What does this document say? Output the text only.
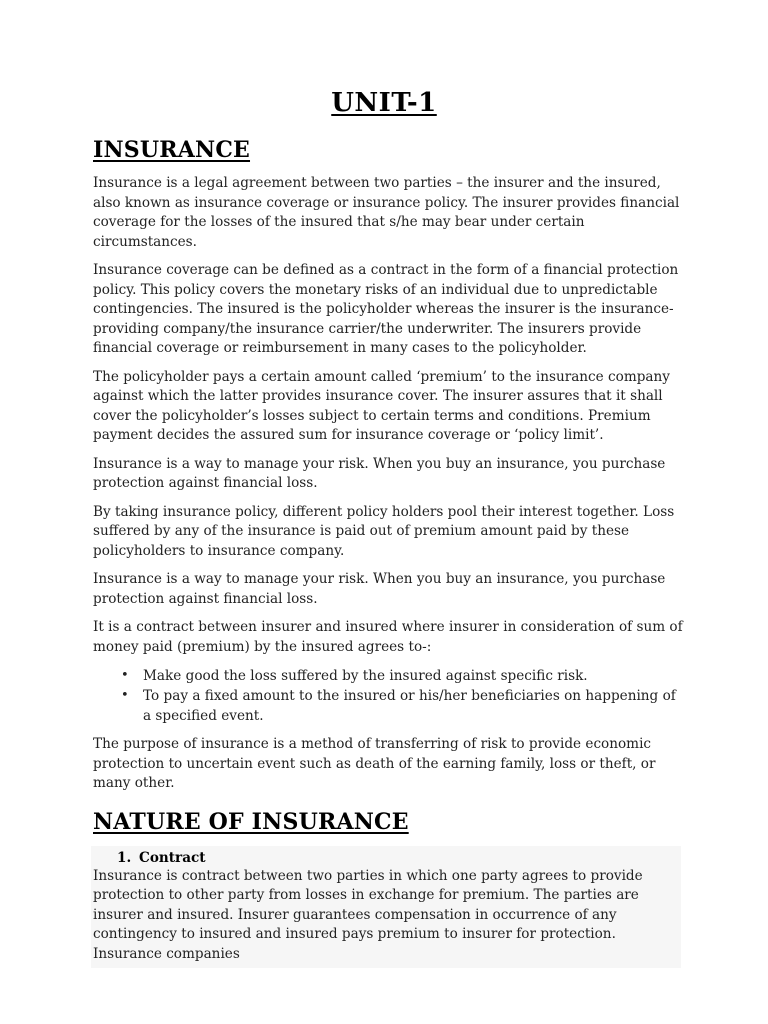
UNIT-1
INSURANCE

Insurance is a legal agreement between two parties – the insurer and the insured, also known as insurance coverage or insurance policy. The insurer provides financial coverage for the losses of the insured that s/he may bear under certain circumstances.

Insurance coverage can be defined as a contract in the form of a financial protection policy. This policy covers the monetary risks of an individual due to unpredictable contingencies. The insured is the policyholder whereas the insurer is the insurance-providing company/the insurance carrier/the underwriter. The insurers provide financial coverage or reimbursement in many cases to the policyholder.

The policyholder pays a certain amount called ‘premium’ to the insurance company against which the latter provides insurance cover. The insurer assures that it shall cover the policyholder’s losses subject to certain terms and conditions. Premium payment decides the assured sum for insurance coverage or ‘policy limit’.

Insurance is a way to manage your risk. When you buy an insurance, you purchase protection against financial loss.

By taking insurance policy, different policy holders pool their interest together. Loss suffered by any of the insurance is paid out of premium amount paid by these policyholders to insurance company.

Insurance is a way to manage your risk. When you buy an insurance, you purchase protection against financial loss.

It is a contract between insurer and insured where insurer in consideration of sum of money paid (premium) by the insured agrees to-:

• Make good the loss suffered by the insured against specific risk.
• To pay a fixed amount to the insured or his/her beneficiaries on happening of a specified event.

The purpose of insurance is a method of transferring of risk to provide economic protection to uncertain event such as death of the earning family, loss or theft, or many other.

NATURE OF INSURANCE
1. Contract

Insurance is contract between two parties in which one party agrees to provide protection to other party from losses in exchange for premium. The parties are insurer and insured. Insurer guarantees compensation in occurrence of any contingency to insured and insured pays premium to insurer for protection. Insurance companies
